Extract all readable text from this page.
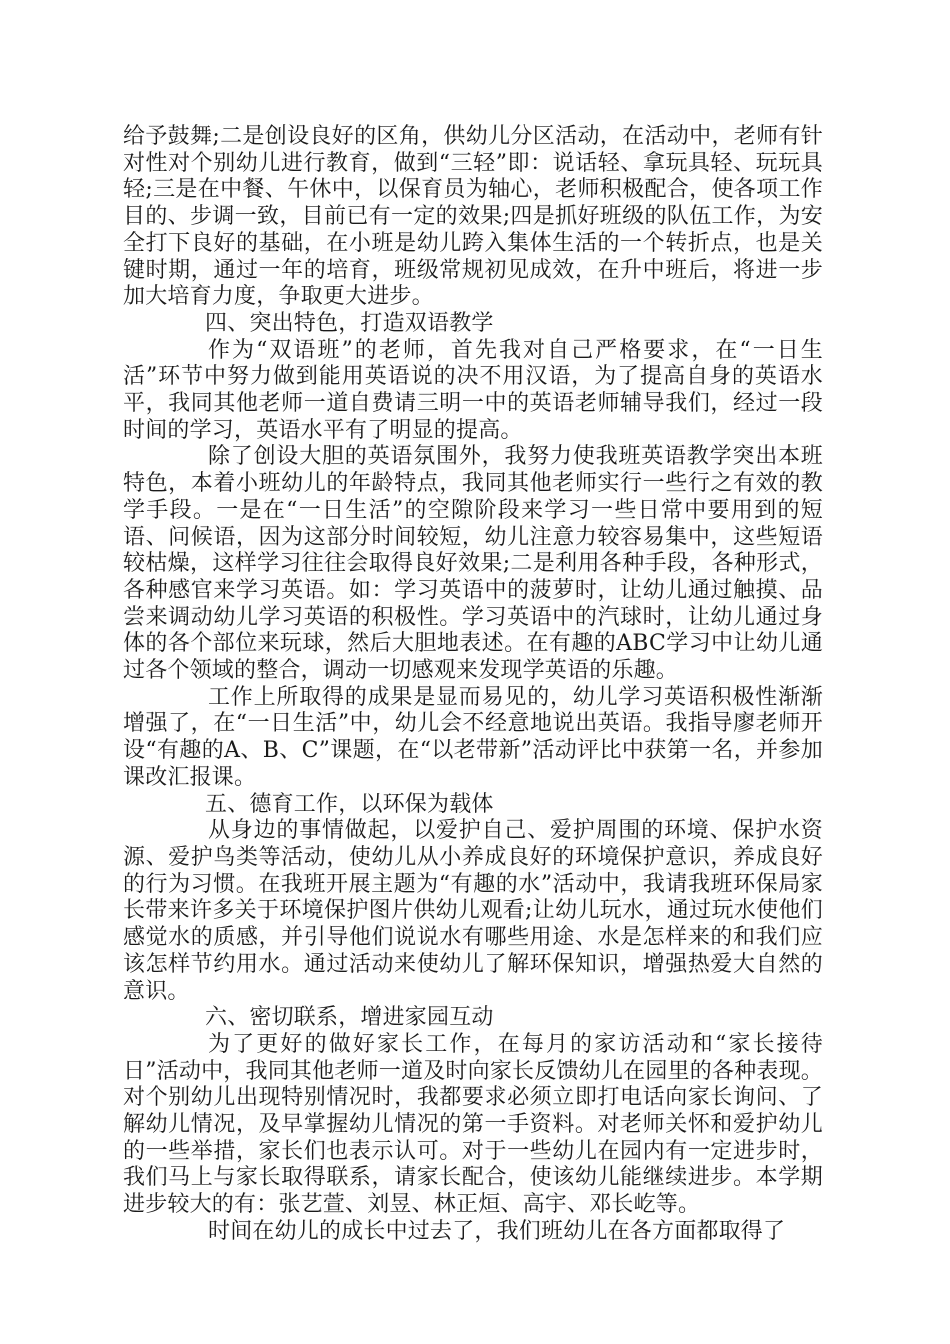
给予鼓舞;二是创设良好的区角，供幼儿分区活动，在活动中，老师有针对性对个别幼儿进行教育，做到“三轻”即：说话轻、拿玩具轻、玩玩具轻;三是在中餐、午休中，以保育员为轴心，老师积极配合，使各项工作目的、步调一致，目前已有一定的效果;四是抓好班级的队伍工作，为安全打下良好的基础，在小班是幼儿跨入集体生活的一个转折点，也是关键时期，通过一年的培育，班级常规初见成效，在升中班后，将进一步加大培育力度，争取更大进步。

四、突出特色，打造双语教学

作为“双语班”的老师，首先我对自己严格要求，在“一日生活”环节中努力做到能用英语说的决不用汉语，为了提高自身的英语水平，我同其他老师一道自费请三明一中的英语老师辅导我们，经过一段时间的学习，英语水平有了明显的提高。

除了创设大胆的英语氛围外，我努力使我班英语教学突出本班特色，本着小班幼儿的年龄特点，我同其他老师实行一些行之有效的教学手段。一是在“一日生活”的空隙阶段来学习一些日常中要用到的短语、问候语，因为这部分时间较短，幼儿注意力较容易集中，这些短语较枯燥，这样学习往往会取得良好效果;二是利用各种手段，各种形式，各种感官来学习英语。如：学习英语中的菠萝时，让幼儿通过触摸、品尝来调动幼儿学习英语的积极性。学习英语中的汽球时，让幼儿通过身体的各个部位来玩球，然后大胆地表述。在有趣的ABC学习中让幼儿通过各个领域的整合，调动一切感观来发现学英语的乐趣。

工作上所取得的成果是显而易见的，幼儿学习英语积极性渐渐增强了，在“一日生活”中，幼儿会不经意地说出英语。我指导廖老师开设“有趣的A、B、C”课题，在“以老带新”活动评比中获第一名，并参加课改汇报课。

五、德育工作，以环保为载体

从身边的事情做起，以爱护自己、爱护周围的环境、保护水资源、爱护鸟类等活动，使幼儿从小养成良好的环境保护意识，养成良好的行为习惯。在我班开展主题为“有趣的水”活动中，我请我班环保局家长带来许多关于环境保护图片供幼儿观看;让幼儿玩水，通过玩水使他们感觉水的质感，并引导他们说说水有哪些用途、水是怎样来的和我们应该怎样节约用水。通过活动来使幼儿了解环保知识，增强热爱大自然的意识。

六、密切联系，增进家园互动

为了更好的做好家长工作，在每月的家访活动和“家长接待日”活动中，我同其他老师一道及时向家长反馈幼儿在园里的各种表现。对个别幼儿出现特别情况时，我都要求必须立即打电话向家长询问、了解幼儿情况，及早掌握幼儿情况的第一手资料。对老师关怀和爱护幼儿的一些举措，家长们也表示认可。对于一些幼儿在园内有一定进步时，我们马上与家长取得联系，请家长配合，使该幼儿能继续进步。本学期进步较大的有：张艺萱、刘昱、林正烜、高宇、邓长屹等。

时间在幼儿的成长中过去了，我们班幼儿在各方面都取得了
